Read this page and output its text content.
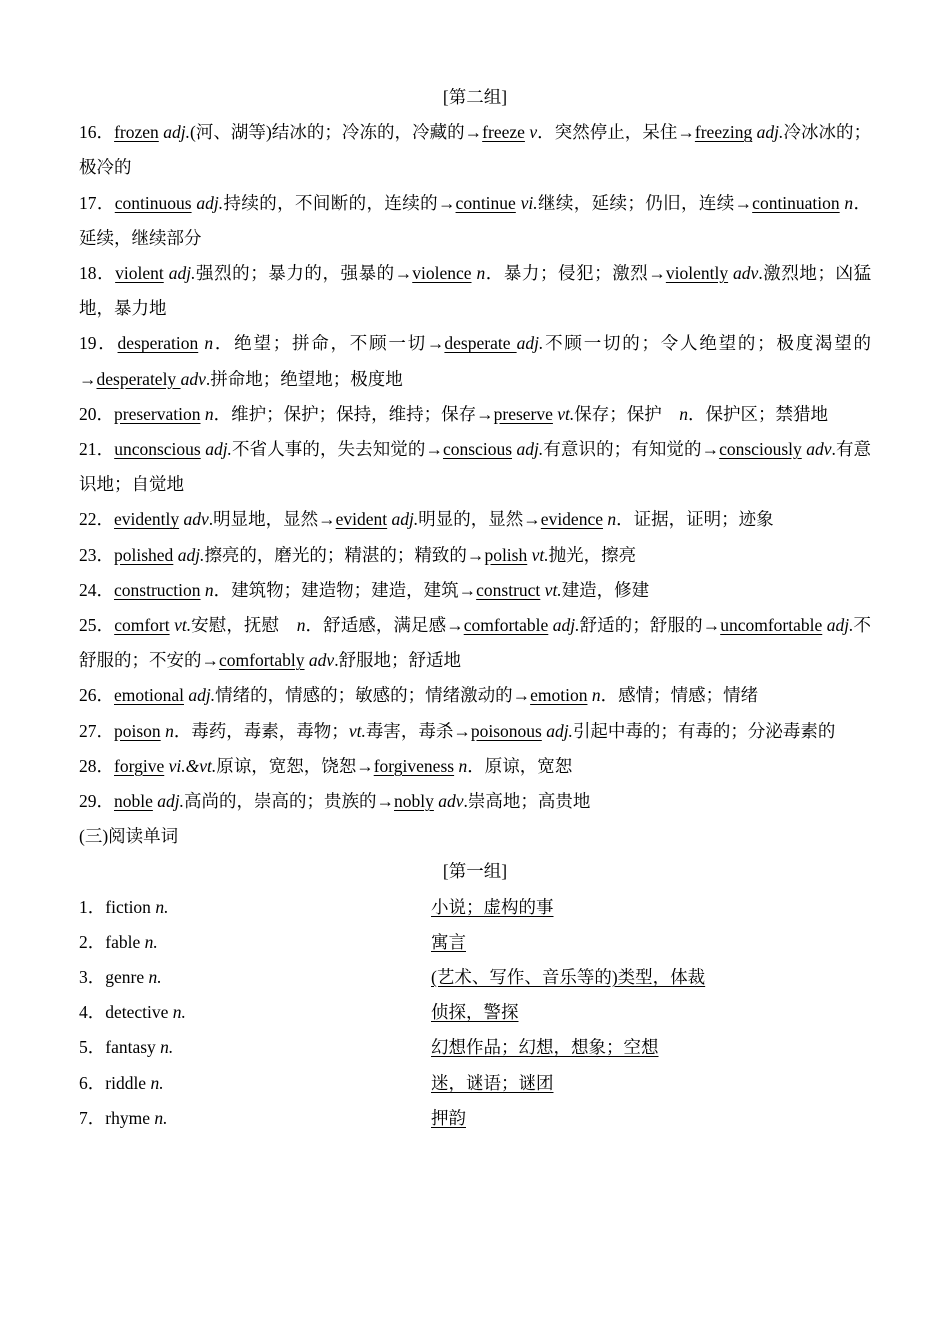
[第二组]
16．frozen adj.(河、湖等)结冰的；冷冻的，冷藏的→freeze v．突然停止，呆住→freezing adj.冷冰冰的；极冷的
17．continuous adj.持续的，不间断的，连续的→continue vi.继续，延续；仍旧，连续→continuation n．延续，继续部分
18．violent adj.强烈的；暴力的，强暴的→violence n．暴力；侵犯；激烈→violently adv.激烈地；凶猛地，暴力地
19．desperation n．绝望；拼命，不顾一切→desperate adj.不顾一切的；令人绝望的；极度渴望的→desperately adv.拼命地；绝望地；极度地
20．preservation n．维护；保护；保持，维持；保存→preserve vt.保存；保护　n．保护区；禁猎地
21．unconscious adj.不省人事的，失去知觉的→conscious adj.有意识的；有知觉的→consciously adv.有意识地；自觉地
22．evidently adv.明显地，显然→evident adj.明显的，显然→evidence n．证据，证明；迹象
23．polished adj.擦亮的，磨光的；精湛的；精致的→polish vt.抛光，擦亮
24．construction n．建筑物；建造物；建造，建筑→construct vt.建造，修建
25．comfort vt.安慰，抚慰　n．舒适感，满足感→comfortable adj.舒适的；舒服的→uncomfortable adj.不舒服的；不安的→comfortably adv.舒服地；舒适地
26．emotional adj.情绪的，情感的；敏感的；情绪激动的→emotion n．感情；情感；情绪
27．poison n．毒药，毒素，毒物；vt.毒害，毒杀→poisonous adj.引起中毒的；有毒的；分泌毒素的
28．forgive vi.&vt.原谅，宽恕，饶恕→forgiveness n．原谅，宽恕
29．noble adj.高尚的，崇高的；贵族的→nobly adv.崇高地；高贵地
(三)阅读单词
[第一组]
1．fiction n.	小说；虚构的事
2．fable n.	寓言
3．genre n.	(艺术、写作、音乐等的)类型，体裁
4．detective n.	侦探，警探
5．fantasy n.	幻想作品；幻想，想象；空想
6．riddle n.	迷，谜语；谜团
7．rhyme n.	押韵
